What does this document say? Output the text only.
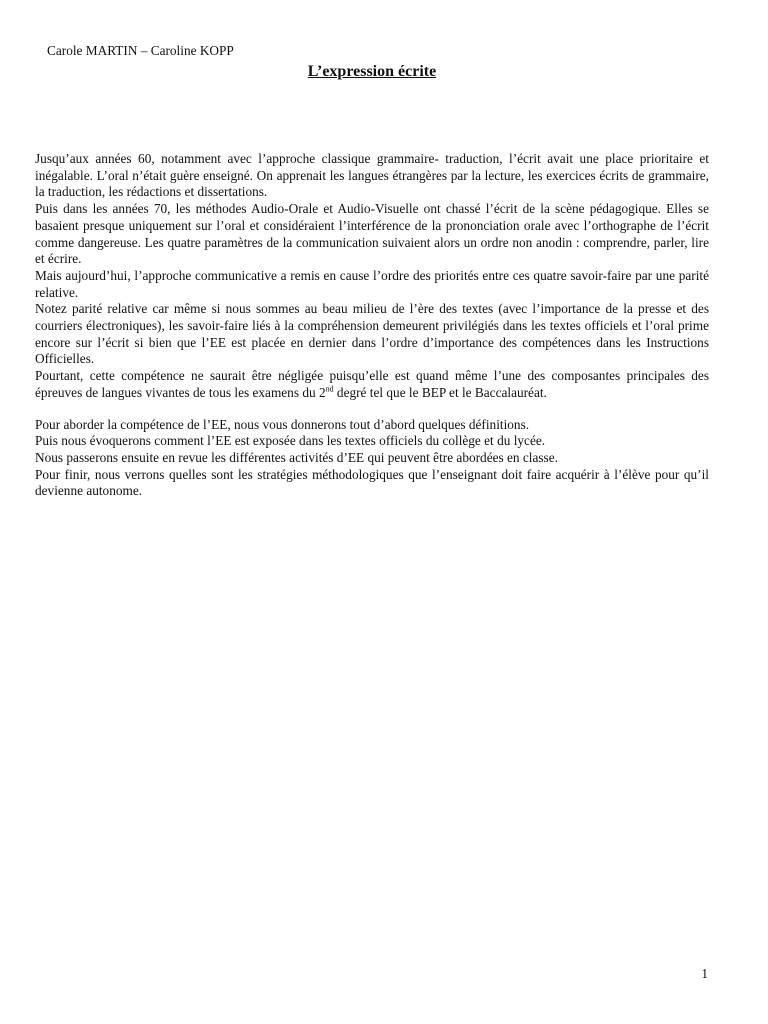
Carole MARTIN – Caroline KOPP
L’expression écrite

Jusqu’aux années 60, notamment avec l’approche classique grammaire- traduction, l’écrit avait une place prioritaire et inégalable. L’oral n’était guère enseigné. On apprenait les langues étrangères par la lecture, les exercices écrits de grammaire, la traduction, les rédactions et dissertations.

Puis dans les années 70, les méthodes Audio-Orale et Audio-Visuelle ont chassé l’écrit de la scène pédagogique. Elles se basaient presque uniquement sur l’oral et considéraient l’interférence de la prononciation orale avec l’orthographe de l’écrit comme dangereuse. Les quatre paramètres de la communication suivaient alors un ordre non anodin : comprendre, parler, lire et écrire.

Mais aujourd’hui, l’approche communicative a remis en cause l’ordre des priorités entre ces quatre savoir-faire par une parité relative.

Notez parité relative car même si nous sommes au beau milieu de l’ère des textes (avec l’importance de la presse et des courriers électroniques), les savoir-faire liés à la compréhension demeurent privilégiés dans les textes officiels et l’oral prime encore sur l’écrit si bien que l’EE est placée en dernier dans l’ordre d’importance des compétences dans les Instructions Officielles.

Pourtant, cette compétence ne saurait être négligée puisqu’elle est quand même l’une des composantes principales des épreuves de langues vivantes de tous les examens du 2nd degré tel que le BEP et le Baccalauréat.

Pour aborder la compétence de l’EE, nous vous donnerons tout d’abord quelques définitions.

Puis nous évoquerons comment l’EE est exposée dans les textes officiels du collège et du lycée.

Nous passerons ensuite en revue les différentes activités d’EE qui peuvent être abordées en classe.

Pour finir, nous verrons quelles sont les stratégies méthodologiques que l’enseignant doit faire acquérir à l’élève pour qu’il devienne autonome.

1
